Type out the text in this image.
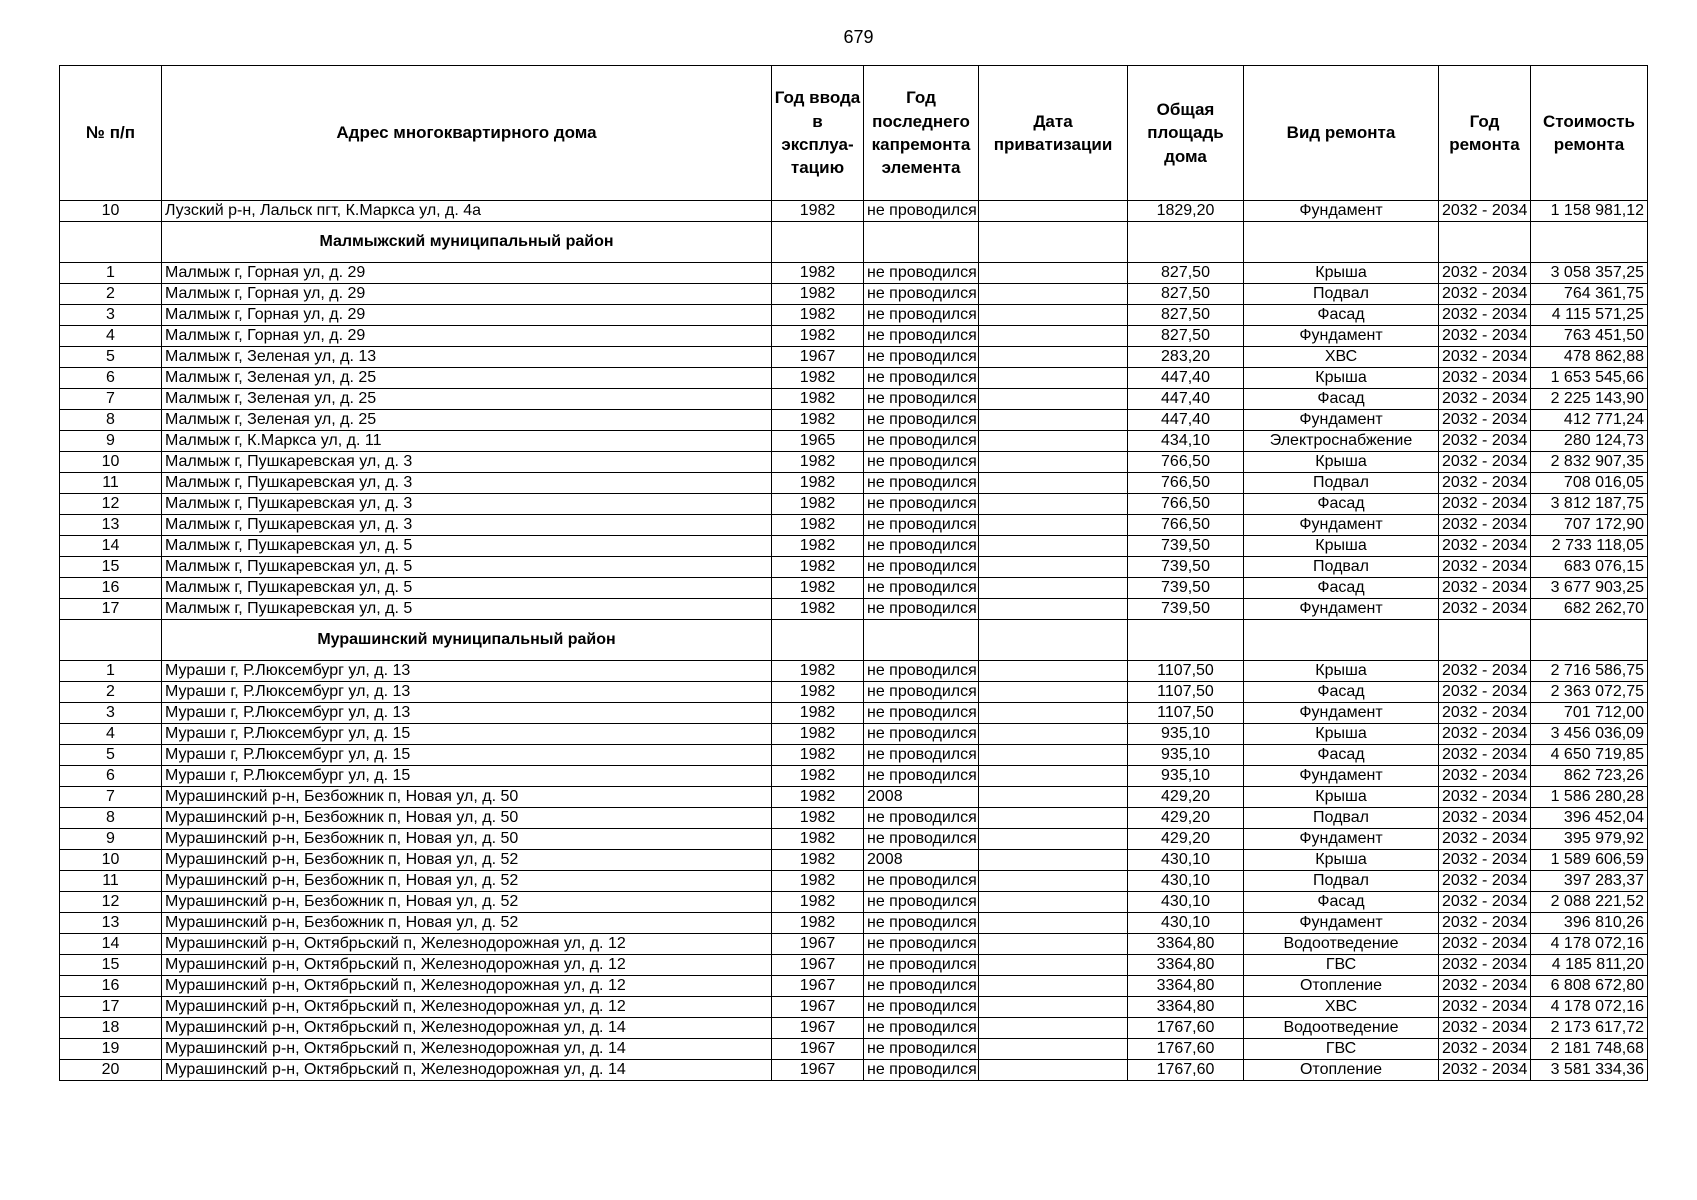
679
№ п/п	Адрес многоквартирного дома	Год ввода в эксплуа-тацию	Год последнего капремонта элемента	Дата приватизации	Общая площадь дома	Вид ремонта	Год ремонта	Стоимость ремонта
10	Лузский р-н, Лальск пгт, К.Маркса ул, д. 4а	1982	не проводился		1829,20	Фундамент	2032 - 2034	1 158 981,12
	Малмыжский муниципальный район							
1	Малмыж г, Горная ул, д. 29	1982	не проводился		827,50	Крыша	2032 - 2034	3 058 357,25
2	Малмыж г, Горная ул, д. 29	1982	не проводился		827,50	Подвал	2032 - 2034	764 361,75
3	Малмыж г, Горная ул, д. 29	1982	не проводился		827,50	Фасад	2032 - 2034	4 115 571,25
4	Малмыж г, Горная ул, д. 29	1982	не проводился		827,50	Фундамент	2032 - 2034	763 451,50
5	Малмыж г, Зеленая ул, д. 13	1967	не проводился		283,20	ХВС	2032 - 2034	478 862,88
6	Малмыж г, Зеленая ул, д. 25	1982	не проводился		447,40	Крыша	2032 - 2034	1 653 545,66
7	Малмыж г, Зеленая ул, д. 25	1982	не проводился		447,40	Фасад	2032 - 2034	2 225 143,90
8	Малмыж г, Зеленая ул, д. 25	1982	не проводился		447,40	Фундамент	2032 - 2034	412 771,24
9	Малмыж г, К.Маркса ул, д. 11	1965	не проводился		434,10	Электроснабжение	2032 - 2034	280 124,73
10	Малмыж г, Пушкаревская ул, д. 3	1982	не проводился		766,50	Крыша	2032 - 2034	2 832 907,35
11	Малмыж г, Пушкаревская ул, д. 3	1982	не проводился		766,50	Подвал	2032 - 2034	708 016,05
12	Малмыж г, Пушкаревская ул, д. 3	1982	не проводился		766,50	Фасад	2032 - 2034	3 812 187,75
13	Малмыж г, Пушкаревская ул, д. 3	1982	не проводился		766,50	Фундамент	2032 - 2034	707 172,90
14	Малмыж г, Пушкаревская ул, д. 5	1982	не проводился		739,50	Крыша	2032 - 2034	2 733 118,05
15	Малмыж г, Пушкаревская ул, д. 5	1982	не проводился		739,50	Подвал	2032 - 2034	683 076,15
16	Малмыж г, Пушкаревская ул, д. 5	1982	не проводился		739,50	Фасад	2032 - 2034	3 677 903,25
17	Малмыж г, Пушкаревская ул, д. 5	1982	не проводился		739,50	Фундамент	2032 - 2034	682 262,70
	Мурашинский муниципальный район							
1	Мураши г, Р.Люксембург ул, д. 13	1982	не проводился		1107,50	Крыша	2032 - 2034	2 716 586,75
2	Мураши г, Р.Люксембург ул, д. 13	1982	не проводился		1107,50	Фасад	2032 - 2034	2 363 072,75
3	Мураши г, Р.Люксембург ул, д. 13	1982	не проводился		1107,50	Фундамент	2032 - 2034	701 712,00
4	Мураши г, Р.Люксембург ул, д. 15	1982	не проводился		935,10	Крыша	2032 - 2034	3 456 036,09
5	Мураши г, Р.Люксембург ул, д. 15	1982	не проводился		935,10	Фасад	2032 - 2034	4 650 719,85
6	Мураши г, Р.Люксембург ул, д. 15	1982	не проводился		935,10	Фундамент	2032 - 2034	862 723,26
7	Мурашинский р-н, Безбожник п, Новая ул, д. 50	1982	2008		429,20	Крыша	2032 - 2034	1 586 280,28
8	Мурашинский р-н, Безбожник п, Новая ул, д. 50	1982	не проводился		429,20	Подвал	2032 - 2034	396 452,04
9	Мурашинский р-н, Безбожник п, Новая ул, д. 50	1982	не проводился		429,20	Фундамент	2032 - 2034	395 979,92
10	Мурашинский р-н, Безбожник п, Новая ул, д. 52	1982	2008		430,10	Крыша	2032 - 2034	1 589 606,59
11	Мурашинский р-н, Безбожник п, Новая ул, д. 52	1982	не проводился		430,10	Подвал	2032 - 2034	397 283,37
12	Мурашинский р-н, Безбожник п, Новая ул, д. 52	1982	не проводился		430,10	Фасад	2032 - 2034	2 088 221,52
13	Мурашинский р-н, Безбожник п, Новая ул, д. 52	1982	не проводился		430,10	Фундамент	2032 - 2034	396 810,26
14	Мурашинский р-н, Октябрьский п, Железнодорожная ул, д. 12	1967	не проводился		3364,80	Водоотведение	2032 - 2034	4 178 072,16
15	Мурашинский р-н, Октябрьский п, Железнодорожная ул, д. 12	1967	не проводился		3364,80	ГВС	2032 - 2034	4 185 811,20
16	Мурашинский р-н, Октябрьский п, Железнодорожная ул, д. 12	1967	не проводился		3364,80	Отопление	2032 - 2034	6 808 672,80
17	Мурашинский р-н, Октябрьский п, Железнодорожная ул, д. 12	1967	не проводился		3364,80	ХВС	2032 - 2034	4 178 072,16
18	Мурашинский р-н, Октябрьский п, Железнодорожная ул, д. 14	1967	не проводился		1767,60	Водоотведение	2032 - 2034	2 173 617,72
19	Мурашинский р-н, Октябрьский п, Железнодорожная ул, д. 14	1967	не проводился		1767,60	ГВС	2032 - 2034	2 181 748,68
20	Мурашинский р-н, Октябрьский п, Железнодорожная ул, д. 14	1967	не проводился		1767,60	Отопление	2032 - 2034	3 581 334,36
